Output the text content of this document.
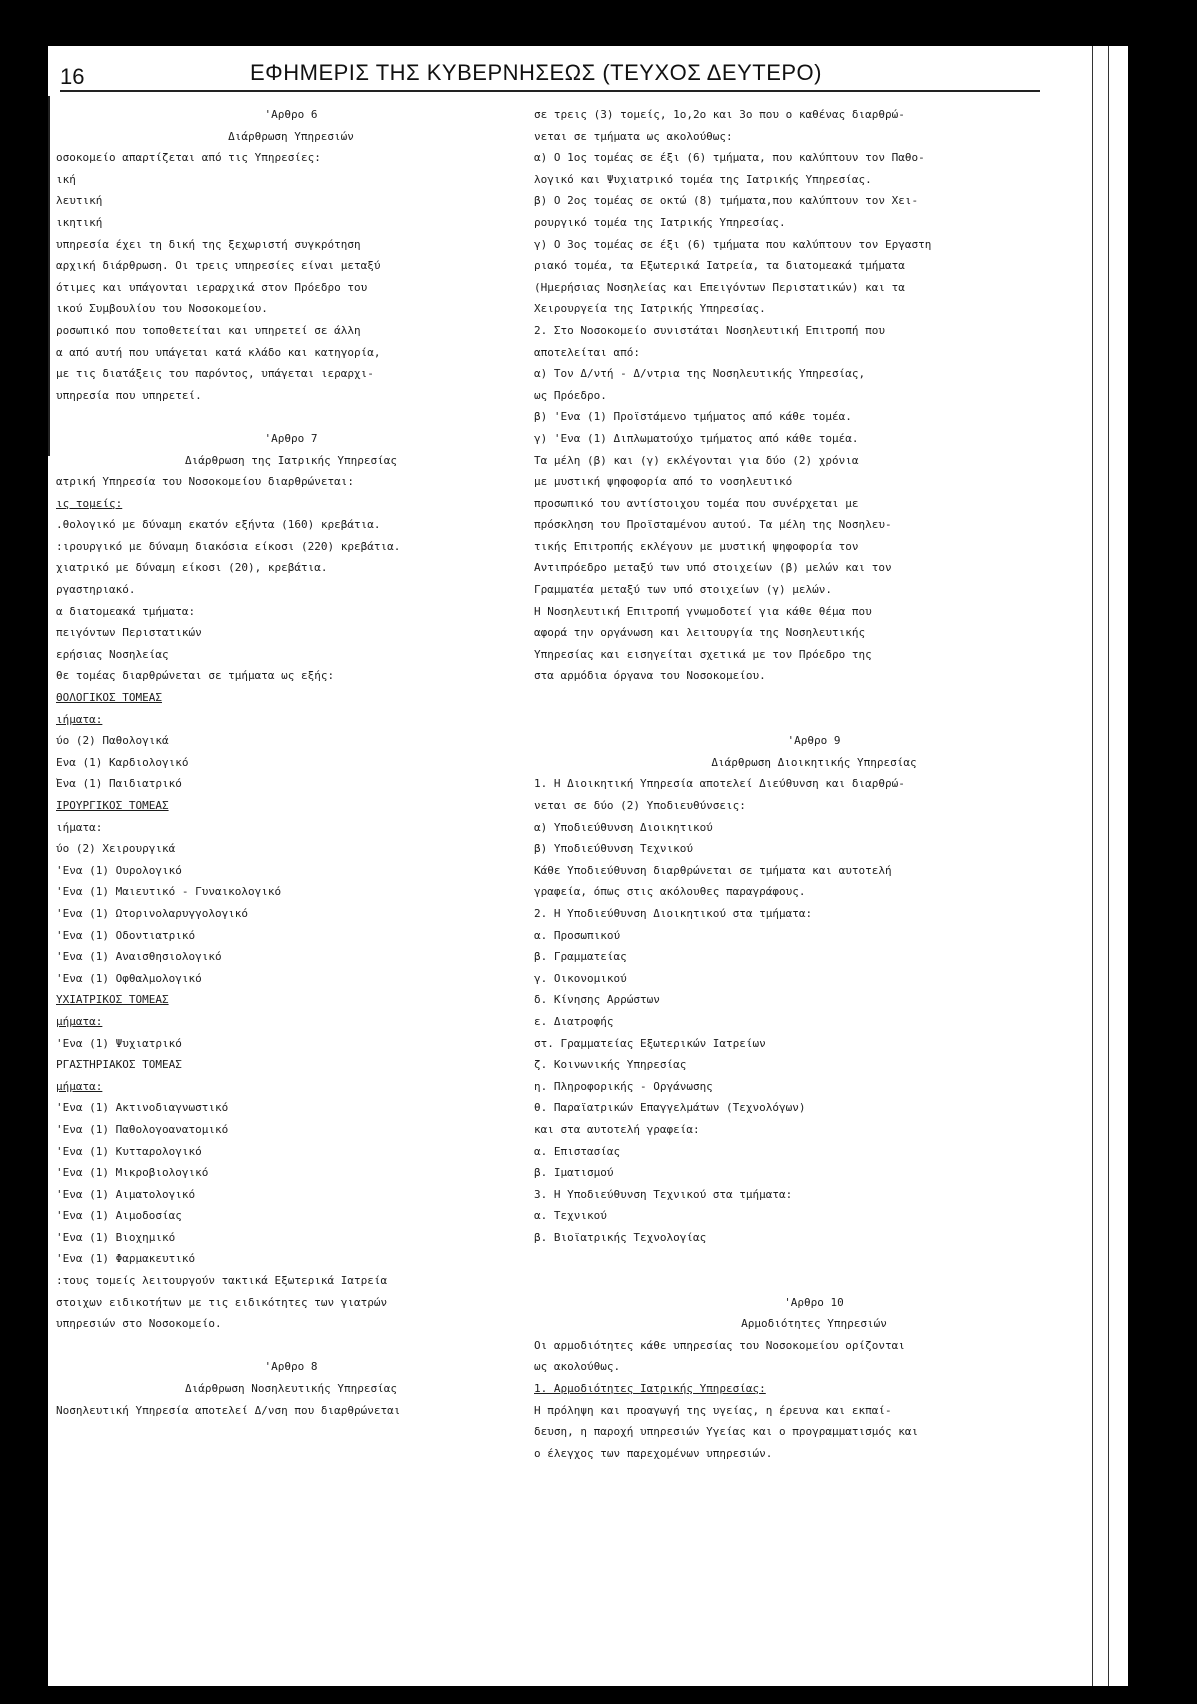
16	ΕΦΗΜΕΡΙΣ ΤΗΣ ΚΥΒΕΡΝΗΣΕΩΣ (ΤΕΥΧΟΣ ΔΕΥΤΕΡΟ)
'Αρθρο 6
Διάρθρωση Υπηρεσιών
οσοκομείο απαρτίζεται από τις Υπηρεσίες:
ική
λευτική
ικητική
υπηρεσία έχει τη δική της ξεχωριστή συγκρότηση
αρχική διάρθρωση. Οι τρεις υπηρεσίες είναι μεταξύ
ότιμες και υπάγονται ιεραρχικά στον Πρόεδρο του
ικού Συμβουλίου του Νοσοκομείου.
ροσωπικό που τοποθετείται και υπηρετεί σε άλλη
α από αυτή που υπάγεται κατά κλάδο και κατηγορία,
με τις διατάξεις του παρόντος, υπάγεται ιεραρχι-
υπηρεσία που υπηρετεί.
'Αρθρο 7
Διάρθρωση της Ιατρικής Υπηρεσίας
ατρική Υπηρεσία του Νοσοκομείου διαρθρώνεται:
ις τομείς:
.θολογικό με δύναμη εκατόν εξήντα (160) κρεβάτια.
:ιρουργικό με δύναμη διακόσια είκοσι (220) κρεβάτια.
χιατρικό με δύναμη είκοσι (20), κρεβάτια.
ργαστηριακό.
α διατομεακά τμήματα:
πειγόντων Περιστατικών
ερήσιας Νοσηλείας
θε τομέας διαρθρώνεται σε τμήματα ως εξής:
ΘΟΛΟΓΙΚΟΣ ΤΟΜΕΑΣ
ιήματα:
ύο (2) Παθολογικά
Ενα (1) Καρδιολογικό
Ένα (1) Παιδιατρικό
ΙΡΟΥΡΓΙΚΟΣ ΤΟΜΕΑΣ
ιήματα:
ύο (2) Χειρουργικά
'Ενα (1) Ουρολογικό
'Ενα (1) Μαιευτικό - Γυναικολογικό
'Ενα (1) Ωτορινολαρυγγολογικό
'Ενα (1) Οδοντιατρικό
'Ενα (1) Αναισθησιολογικό
'Ενα (1) Οφθαλμολογικό
ΥΧΙΑΤΡΙΚΟΣ ΤΟΜΕΑΣ
μήματα:
'Ενα (1) Ψυχιατρικό
ΡΓΑΣΤΗΡΙΑΚΟΣ ΤΟΜΕΑΣ
μήματα:
'Ενα (1) Ακτινοδιαγνωστικό
'Ενα (1) Παθολογοανατομικό
'Ενα (1) Κυτταρολογικό
'Ενα (1) Μικροβιολογικό
'Ενα (1) Αιματολογικό
'Ενα (1) Αιμοδοσίας
'Ενα (1) Βιοχημικό
'Ενα (1) Φαρμακευτικό
:τους τομείς λειτουργούν τακτικά Εξωτερικά Ιατρεία
στοιχων ειδικοτήτων με τις ειδικότητες των γιατρών
υπηρεσιών στο Νοσοκομείο.
'Αρθρο 8
Διάρθρωση Νοσηλευτικής Υπηρεσίας
Νοσηλευτική Υπηρεσία αποτελεί Δ/νση που διαρθρώνεται
σε τρεις (3) τομείς, 1ο,2ο και 3ο που ο καθένας διαρθρώ-
νεται σε τμήματα ως ακολούθως:
α) Ο 1ος τομέας σε έξι (6) τμήματα, που καλύπτουν τον Παθο-
λογικό και Ψυχιατρικό τομέα της Ιατρικής Υπηρεσίας.
β) Ο 2ος τομέας σε οκτώ (8) τμήματα,που καλύπτουν τον Χει-
ρουργικό τομέα της Ιατρικής Υπηρεσίας.
γ) Ο 3ος τομέας σε έξι (6) τμήματα που καλύπτουν τον Εργαστη
ριακό τομέα, τα Εξωτερικά Ιατρεία, τα διατομεακά τμήματα
(Ημερήσιας Νοσηλείας και Επειγόντων Περιστατικών) και τα
Χειρουργεία της Ιατρικής Υπηρεσίας.
2. Στο Νοσοκομείο συνιστάται Νοσηλευτική Επιτροπή που
αποτελείται από:
α) Τον Δ/ντή - Δ/ντρια της Νοσηλευτικής Υπηρεσίας,
ως Πρόεδρο.
β) 'Ενα (1) Προϊστάμενο τμήματος από κάθε τομέα.
γ) 'Ενα (1) Διπλωματούχο τμήματος από κάθε τομέα.
Τα μέλη (β) και (γ) εκλέγονται για δύο (2) χρόνια
με μυστική ψηφοφορία από το νοσηλευτικό
προσωπικό του αντίστοιχου τομέα που συνέρχεται με
πρόσκληση του Προϊσταμένου αυτού. Τα μέλη της Νοσηλευ-
τικής Επιτροπής εκλέγουν με μυστική ψηφοφορία τον
Αντιπρόεδρο μεταξύ των υπό στοιχείων (β) μελών και τον
Γραμματέα μεταξύ των υπό στοιχείων (γ) μελών.
Η Νοσηλευτική Επιτροπή γνωμοδοτεί για κάθε θέμα που
αφορά την οργάνωση και λειτουργία της Νοσηλευτικής
Υπηρεσίας και εισηγείται σχετικά με τον Πρόεδρο της
στα αρμόδια όργανα του Νοσοκομείου.
'Αρθρο 9
Διάρθρωση Διοικητικής Υπηρεσίας
1. Η Διοικητική Υπηρεσία αποτελεί Διεύθυνση και διαρθρώ-
νεται σε δύο (2) Υποδιευθύνσεις:
α) Υποδιεύθυνση Διοικητικού
β) Υποδιεύθυνση Τεχνικού
Κάθε Υποδιεύθυνση διαρθρώνεται σε τμήματα και αυτοτελή
γραφεία, όπως στις ακόλουθες παραγράφους.
2. Η Υποδιεύθυνση Διοικητικού στα τμήματα:
α. Προσωπικού
β. Γραμματείας
γ. Οικονομικού
δ. Κίνησης Αρρώστων
ε. Διατροφής
στ. Γραμματείας Εξωτερικών Ιατρείων
ζ. Κοινωνικής Υπηρεσίας
η. Πληροφορικής - Οργάνωσης
θ. Παραϊατρικών Επαγγελμάτων (Τεχνολόγων)
και στα αυτοτελή γραφεία:
α. Επιστασίας
β. Ιματισμού
3. Η Υποδιεύθυνση Τεχνικού στα τμήματα:
α. Τεχνικού
β. Βιοϊατρικής Τεχνολογίας
'Αρθρο 10
Αρμοδιότητες Υπηρεσιών
Οι αρμοδιότητες κάθε υπηρεσίας του Νοσοκομείου ορίζονται
ως ακολούθως.
1. Αρμοδιότητες Ιατρικής Υπηρεσίας:
Η πρόληψη και προαγωγή της υγείας, η έρευνα και εκπαί-
δευση, η παροχή υπηρεσιών Υγείας και ο προγραμματισμός και
ο έλεγχος των παρεχομένων υπηρεσιών.
